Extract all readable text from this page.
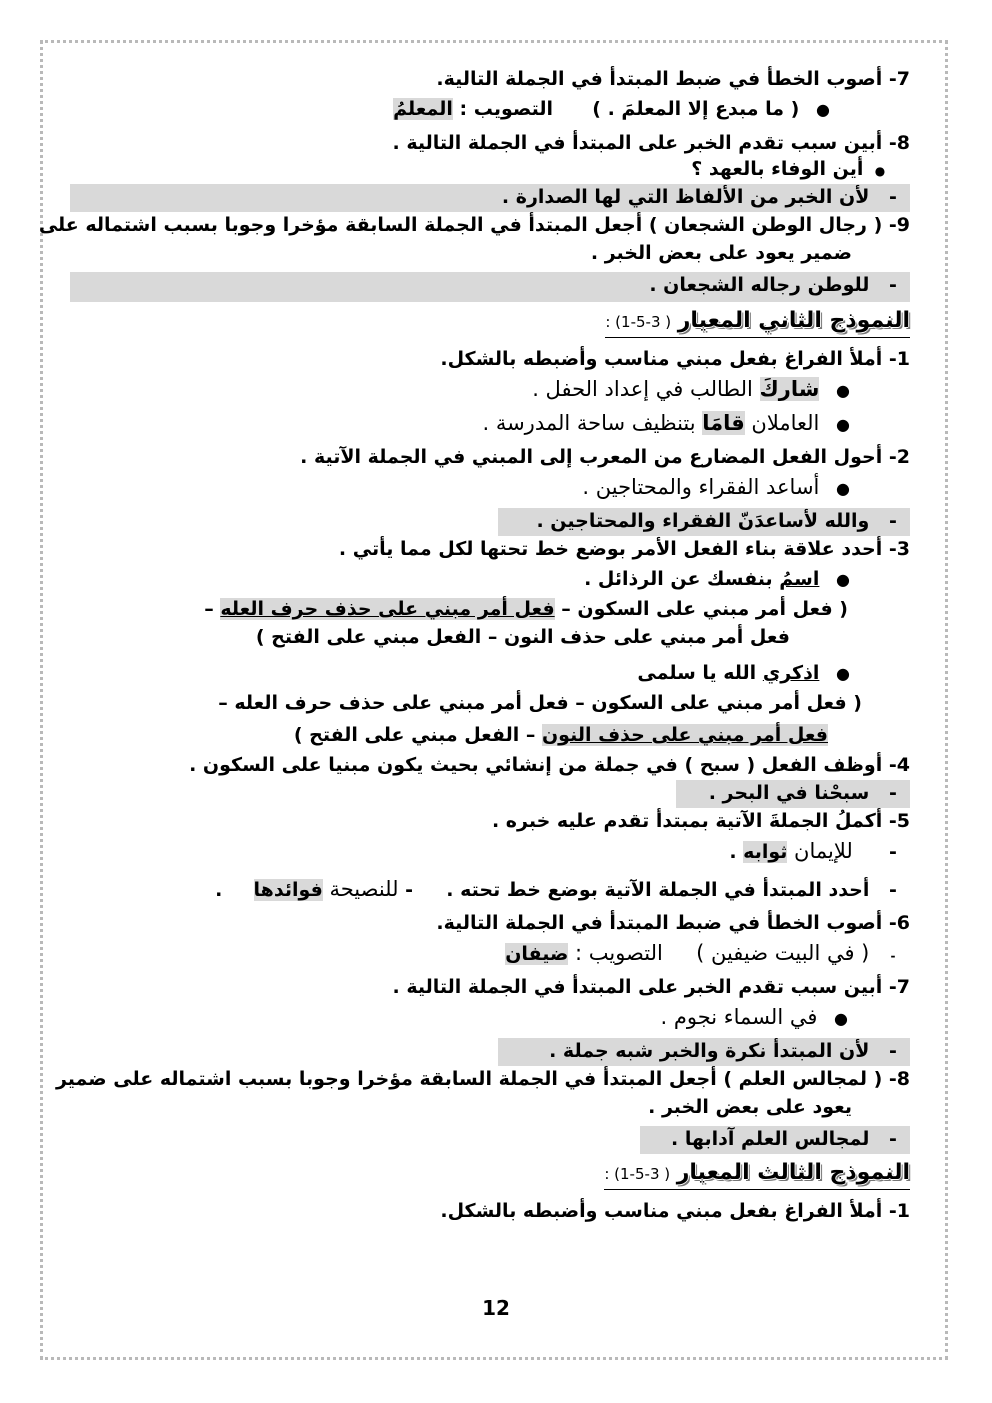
7- أصوب الخطأ في ضبط المبتدأ في الجملة التالية.
● ( ما مبدع إلا المعلمَ . )  التصويب : المعلمُ
8- أبين سبب تقدم الخبر على المبتدأ في الجملة التالية .
● أين الوفاء بالعهد ؟
- لأن الخبر من الألفاظ التي لها الصدارة .
9- ( رجال الوطن الشجعان ) أجعل المبتدأ في الجملة السابقة مؤخرا وجوبا بسبب اشتماله على
ضمير يعود على بعض الخبر .
- للوطن رجاله الشجعان .
النموذج الثاني المعيار ( 3-5-1) :
1- أملأ الفراغ بفعل مبني مناسب وأضبطه بالشكل.
● شاركَ الطالب في إعداد الحفل .
● العاملان قامَا بتنظيف ساحة المدرسة .
2- أحول الفعل المضارع من المعرب إلى المبني في الجملة الآتية .
● أساعد الفقراء والمحتاجين .
- والله لأساعدَنّ الفقراء والمحتاجين .
3- أحدد علاقة بناء الفعل الأمر بوضع خط تحتها لكل مما يأتي .
● اسمُ بنفسك عن الرذائل .
( فعل أمر مبني على السكون – فعل أمر مبني على حذف حرف العله –
فعل أمر مبني على حذف النون – الفعل مبني على الفتح )
● اذكري الله يا سلمى
( فعل أمر مبني على السكون – فعل أمر مبني على حذف حرف العله –
فعل أمر مبني على حذف النون – الفعل مبني على الفتح )
4- أوظف الفعل ( سبح ) في جملة من إنشائي بحيث يكون مبنيا على السكون .
- سبحْنا في البحر .
5- أكملُ الجملةَ الآتية بمبتدأ تقدم عليه خبره .
-  للإيمان ثوابه .
- أحدد المبتدأ في الجملة الآتية بوضع خط تحته .  - للنصيحة فوائدها  .
6- أصوب الخطأ في ضبط المبتدأ في الجملة التالية.
- ( في البيت ضيفين )  التصويب : ضيفان
7- أبين سبب تقدم الخبر على المبتدأ في الجملة التالية .
● في السماء نجوم .
- لأن المبتدأ نكرة والخبر شبه جملة .
8- ( لمجالس العلم ) أجعل المبتدأ في الجملة السابقة مؤخرا وجوبا بسبب اشتماله على ضمير
يعود على بعض الخبر .
- لمجالس العلم آدابها .
النموذج الثالث المعيار ( 3-5-1) :
1- أملأ الفراغ بفعل مبني مناسب وأضبطه بالشكل.
12
